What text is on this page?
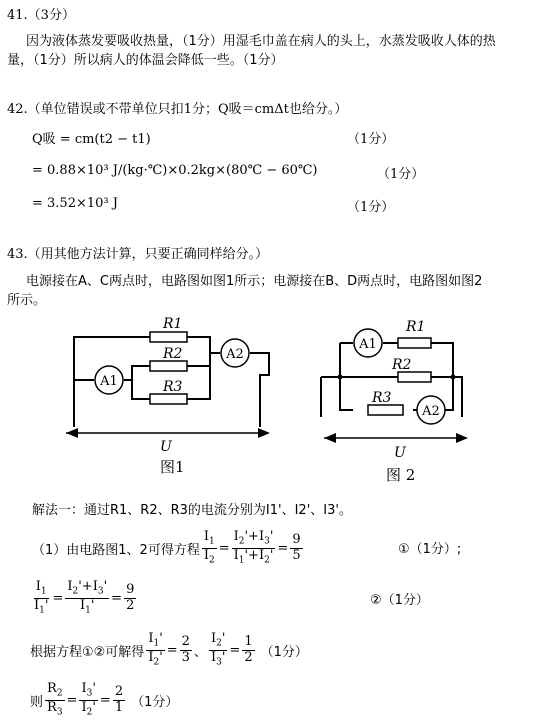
41.（3分）
因为液体蒸发要吸收热量，（1分）用湿毛巾盖在病人的头上，水蒸发吸收人体的热
量，（1分）所以病人的体温会降低一些。（1分）
42.（单位错误或不带单位只扣1分；Q吸＝cmΔt也给分。）
Q吸 = cm(t2 − t1)	（1分）
= 0.88×10³ J/(kg·℃)×0.2kg×(80℃ − 60℃)	（1分）
= 3.52×10³ J	（1分）
43.（用其他方法计算，只要正确同样给分。）
电源接在A、C两点时，电路图如图1所示；电源接在B、D两点时，电路图如图2
所示。
R1
R2
R3
U
A1
A2
图1
R1
R2
R3
U
A1
A2
图 2
解法一：通过R1、R2、R3的电流分别为I1'、I2'、I3'。
（1）由电路图1、2可得方程 $\frac{I_1}{I_2} = \frac{I_2'+I_3'}{I_1'+I_2'} = \frac{9}{5}$	①（1分）;
$\frac{I_1}{I_1'} = \frac{I_2'+I_3'}{I_1'} = \frac{9}{2}$	②（1分）
根据方程①②可解得 $\frac{I_1'}{I_2'} = \frac{2}{3}$ 、 $\frac{I_2'}{I_3'} = \frac{1}{2} (1$分）
则 $\frac{R_2}{R_3} = \frac{I_3'}{I_2'} = \frac{2}{1} (1$分）
